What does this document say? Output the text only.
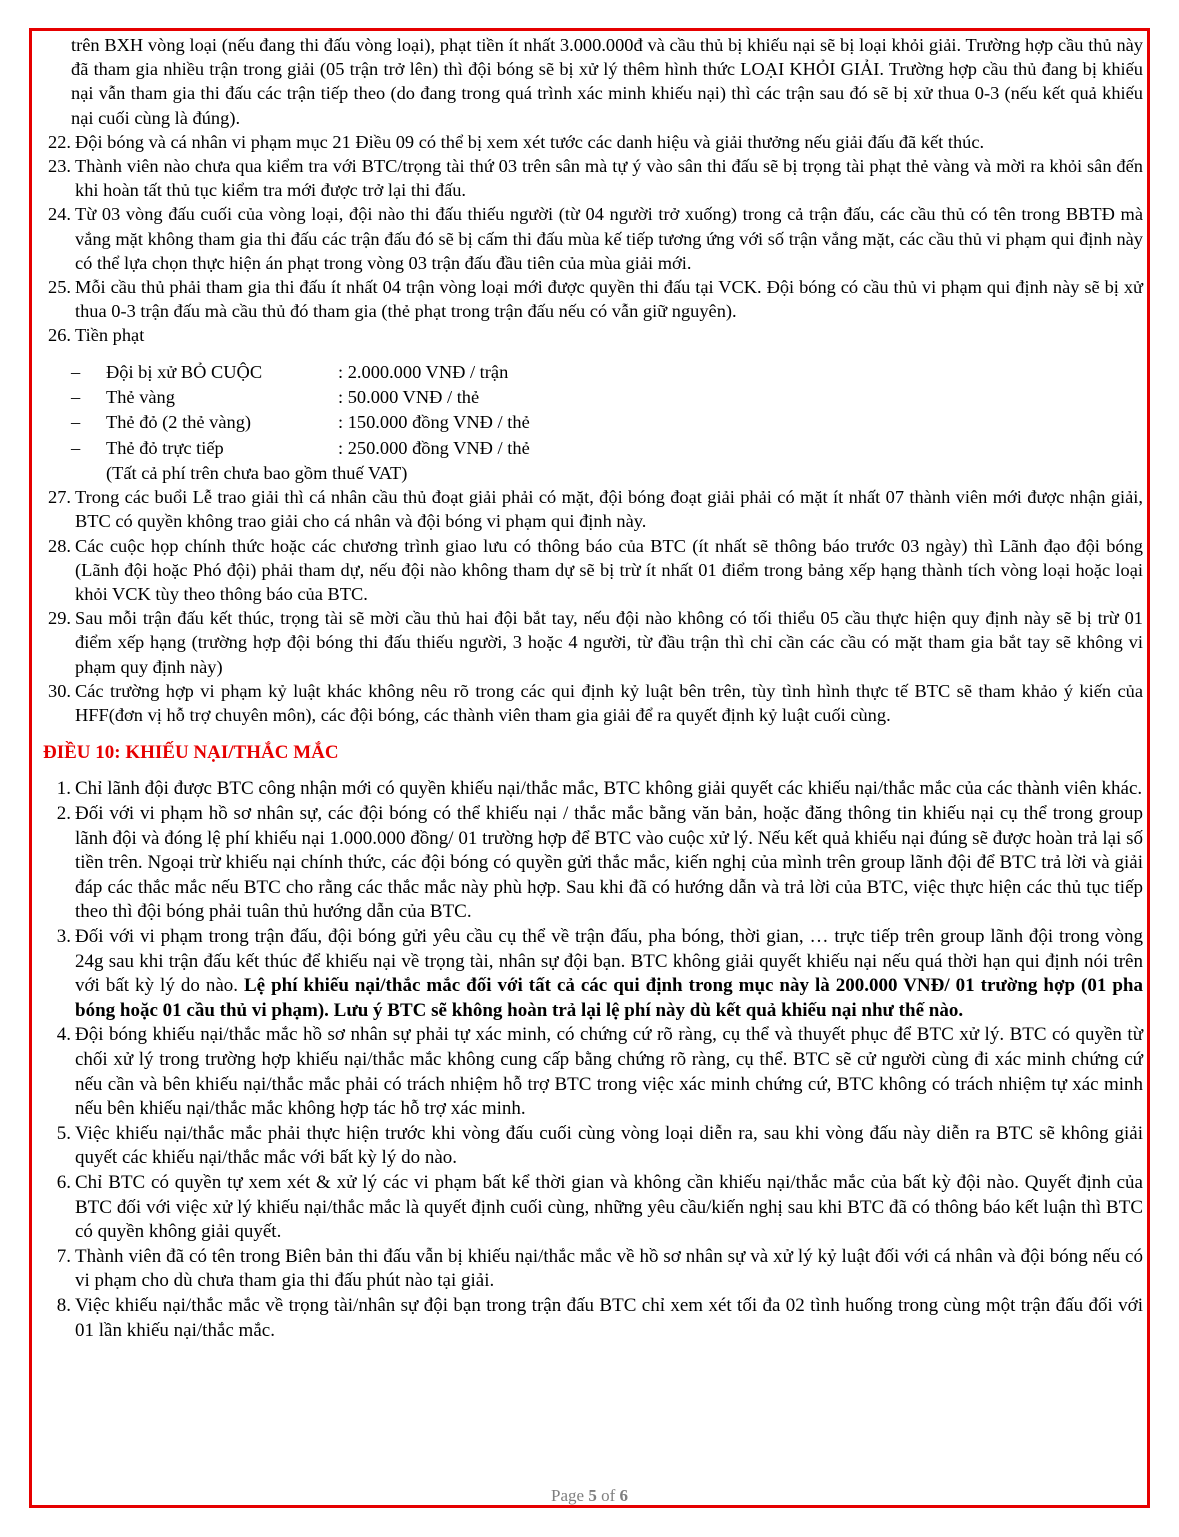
trên BXH vòng loại (nếu đang thi đấu vòng loại), phạt tiền ít nhất 3.000.000đ và cầu thủ bị khiếu nại sẽ bị loại khỏi giải. Trường hợp cầu thủ này đã tham gia nhiều trận trong giải (05 trận trở lên) thì đội bóng sẽ bị xử lý thêm hình thức LOẠI KHỎI GIẢI. Trường hợp cầu thủ đang bị khiếu nại vẫn tham gia thi đấu các trận tiếp theo (do đang trong quá trình xác minh khiếu nại) thì các trận sau đó sẽ bị xử thua 0-3 (nếu kết quả khiếu nại cuối cùng là đúng).
22. Đội bóng và cá nhân vi phạm mục 21 Điều 09 có thể bị xem xét tước các danh hiệu và giải thưởng nếu giải đấu đã kết thúc.
23. Thành viên nào chưa qua kiểm tra với BTC/trọng tài thứ 03 trên sân mà tự ý vào sân thi đấu sẽ bị trọng tài phạt thẻ vàng và mời ra khỏi sân đến khi hoàn tất thủ tục kiểm tra mới được trở lại thi đấu.
24. Từ 03 vòng đấu cuối của vòng loại, đội nào thi đấu thiếu người (từ 04 người trở xuống) trong cả trận đấu, các cầu thủ có tên trong BBTĐ mà vắng mặt không tham gia thi đấu các trận đấu đó sẽ bị cấm thi đấu mùa kế tiếp tương ứng với số trận vắng mặt, các cầu thủ vi phạm qui định này có thể lựa chọn thực hiện án phạt trong vòng 03 trận đấu đầu tiên của mùa giải mới.
25. Mỗi cầu thủ phải tham gia thi đấu ít nhất 04 trận vòng loại mới được quyền thi đấu tại VCK. Đội bóng có cầu thủ vi phạm qui định này sẽ bị xử thua 0-3 trận đấu mà cầu thủ đó tham gia (thẻ phạt trong trận đấu nếu có vẫn giữ nguyên).
26. Tiền phạt
–	Đội bị xử BỎ CUỘC	: 2.000.000 VNĐ / trận
–	Thẻ vàng	: 50.000 VNĐ / thẻ
–	Thẻ đỏ (2 thẻ vàng)	: 150.000 đồng VNĐ / thẻ
–	Thẻ đỏ trực tiếp	: 250.000 đồng VNĐ / thẻ
(Tất cả phí trên chưa bao gồm thuế VAT)
27. Trong các buổi Lễ trao giải thì cá nhân cầu thủ đoạt giải phải có mặt, đội bóng đoạt giải phải có mặt ít nhất 07 thành viên mới được nhận giải, BTC có quyền không trao giải cho cá nhân và đội bóng vi phạm qui định này.
28. Các cuộc họp chính thức hoặc các chương trình giao lưu có thông báo của BTC (ít nhất sẽ thông báo trước 03 ngày) thì Lãnh đạo đội bóng (Lãnh đội hoặc Phó đội) phải tham dự, nếu đội nào không tham dự sẽ bị trừ ít nhất 01 điểm trong bảng xếp hạng thành tích vòng loại hoặc loại khỏi VCK tùy theo thông báo của BTC.
29. Sau mỗi trận đấu kết thúc, trọng tài sẽ mời cầu thủ hai đội bắt tay, nếu đội nào không có tối thiểu 05 cầu thực hiện quy định này sẽ bị trừ 01 điểm xếp hạng (trường hợp đội bóng thi đấu thiếu người, 3 hoặc 4 người, từ đầu trận thì chỉ cần các cầu có mặt tham gia bắt tay sẽ không vi phạm quy định này)
30. Các trường hợp vi phạm kỷ luật khác không nêu rõ trong các qui định kỷ luật bên trên, tùy tình hình thực tế BTC sẽ tham khảo ý kiến của HFF(đơn vị hỗ trợ chuyên môn), các đội bóng, các thành viên tham gia giải để ra quyết định kỷ luật cuối cùng.
ĐIỀU 10: KHIẾU NẠI/THẮC MẮC
1. Chỉ lãnh đội được BTC công nhận mới có quyền khiếu nại/thắc mắc, BTC không giải quyết các khiếu nại/thắc mắc của các thành viên khác.
2. Đối với vi phạm hồ sơ nhân sự, các đội bóng có thể khiếu nại / thắc mắc bằng văn bản, hoặc đăng thông tin khiếu nại cụ thể trong group lãnh đội và đóng lệ phí khiếu nại 1.000.000 đồng/ 01 trường hợp để BTC vào cuộc xử lý. Nếu kết quả khiếu nại đúng sẽ được hoàn trả lại số tiền trên. Ngoại trừ khiếu nại chính thức, các đội bóng có quyền gửi thắc mắc, kiến nghị của mình trên group lãnh đội để BTC trả lời và giải đáp các thắc mắc nếu BTC cho rằng các thắc mắc này phù hợp. Sau khi đã có hướng dẫn và trả lời của BTC, việc thực hiện các thủ tục tiếp theo thì đội bóng phải tuân thủ hướng dẫn của BTC.
3. Đối với vi phạm trong trận đấu, đội bóng gửi yêu cầu cụ thể về trận đấu, pha bóng, thời gian, … trực tiếp trên group lãnh đội trong vòng 24g sau khi trận đấu kết thúc để khiếu nại về trọng tài, nhân sự đội bạn. BTC không giải quyết khiếu nại nếu quá thời hạn qui định nói trên với bất kỳ lý do nào. Lệ phí khiếu nại/thắc mắc đối với tất cả các qui định trong mục này là 200.000 VNĐ/ 01 trường hợp (01 pha bóng hoặc 01 cầu thủ vi phạm). Lưu ý BTC sẽ không hoàn trả lại lệ phí này dù kết quả khiếu nại như thế nào.
4. Đội bóng khiếu nại/thắc mắc hồ sơ nhân sự phải tự xác minh, có chứng cứ rõ ràng, cụ thể và thuyết phục để BTC xử lý. BTC có quyền từ chối xử lý trong trường hợp khiếu nại/thắc mắc không cung cấp bằng chứng rõ ràng, cụ thể. BTC sẽ cử người cùng đi xác minh chứng cứ nếu cần và bên khiếu nại/thắc mắc phải có trách nhiệm hỗ trợ BTC trong việc xác minh chứng cứ, BTC không có trách nhiệm tự xác minh nếu bên khiếu nại/thắc mắc không hợp tác hỗ trợ xác minh.
5. Việc khiếu nại/thắc mắc phải thực hiện trước khi vòng đấu cuối cùng vòng loại diễn ra, sau khi vòng đấu này diễn ra BTC sẽ không giải quyết các khiếu nại/thắc mắc với bất kỳ lý do nào.
6. Chỉ BTC có quyền tự xem xét & xử lý các vi phạm bất kể thời gian và không cần khiếu nại/thắc mắc của bất kỳ đội nào. Quyết định của BTC đối với việc xử lý khiếu nại/thắc mắc là quyết định cuối cùng, những yêu cầu/kiến nghị sau khi BTC đã có thông báo kết luận thì BTC có quyền không giải quyết.
7. Thành viên đã có tên trong Biên bản thi đấu vẫn bị khiếu nại/thắc mắc về hồ sơ nhân sự và xử lý kỷ luật đối với cá nhân và đội bóng nếu có vi phạm cho dù chưa tham gia thi đấu phút nào tại giải.
8. Việc khiếu nại/thắc mắc về trọng tài/nhân sự đội bạn trong trận đấu BTC chỉ xem xét tối đa 02 tình huống trong cùng một trận đấu đối với 01 lần khiếu nại/thắc mắc.
Page 5 of 6
